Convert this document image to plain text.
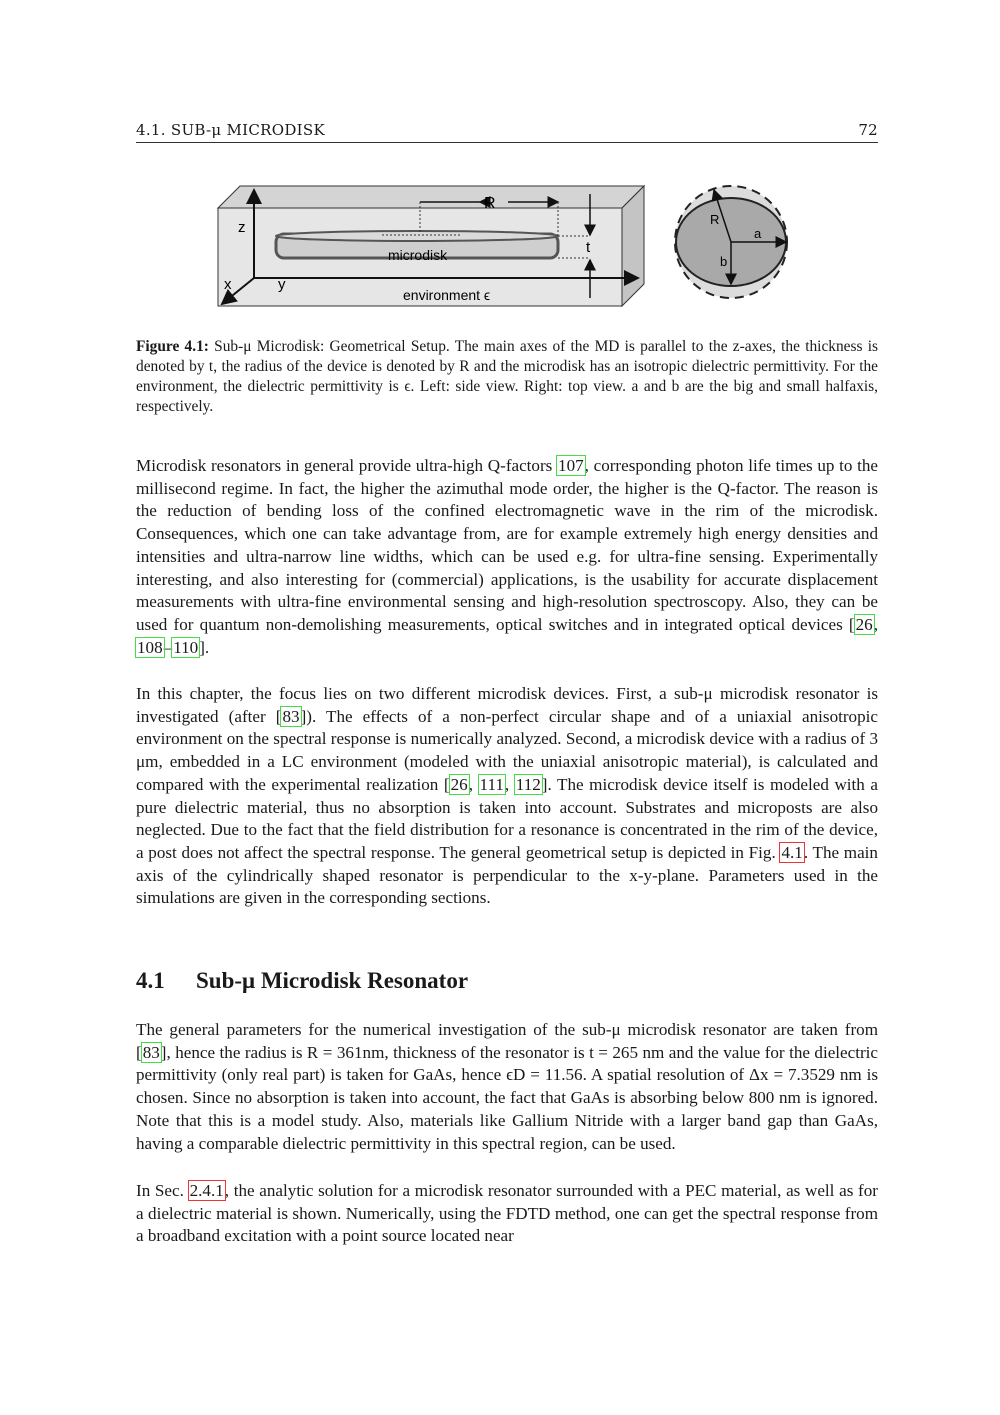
4.1. SUB-μ MICRODISK	72
R
t
z
x	y
microdisk
environment ϵ
R
a
b
Figure 4.1: Sub-μ Microdisk: Geometrical Setup. The main axes of the MD is parallel to the z-axes, the thickness is denoted by t, the radius of the device is denoted by R and the microdisk has an isotropic dielectric permittivity. For the environment, the dielectric permittivity is ϵ. Left: side view. Right: top view. a and b are the big and small halfaxis, respectively.

Microdisk resonators in general provide ultra-high Q-factors 107, corresponding photon life times up to the millisecond regime. In fact, the higher the azimuthal mode order, the higher is the Q-factor. The reason is the reduction of bending loss of the confined electromagnetic wave in the rim of the microdisk. Consequences, which one can take advantage from, are for example extremely high energy densities and intensities and ultra-narrow line widths, which can be used e.g. for ultra-fine sensing. Experimentally interesting, and also interesting for (commercial) applications, is the usability for accurate displacement measurements with ultra-fine environmental sensing and high-resolution spectroscopy. Also, they can be used for quantum non-demolishing measurements, optical switches and in integrated optical devices [26, 108–110].

In this chapter, the focus lies on two different microdisk devices. First, a sub-μ microdisk resonator is investigated (after [83]). The effects of a non-perfect circular shape and of a uniaxial anisotropic environment on the spectral response is numerically analyzed. Second, a microdisk device with a radius of 3 μm, embedded in a LC environment (modeled with the uniaxial anisotropic material), is calculated and compared with the experimental realization [26, 111, 112]. The microdisk device itself is modeled with a pure dielectric material, thus no absorption is taken into account. Substrates and microposts are also neglected. Due to the fact that the field distribution for a resonance is concentrated in the rim of the device, a post does not affect the spectral response. The general geometrical setup is depicted in Fig. 4.1. The main axis of the cylindrically shaped resonator is perpendicular to the x-y-plane. Parameters used in the simulations are given in the corresponding sections.

4.1 Sub-μ Microdisk Resonator

The general parameters for the numerical investigation of the sub-μ microdisk resonator are taken from [83], hence the radius is R = 361nm, thickness of the resonator is t = 265 nm and the value for the dielectric permittivity (only real part) is taken for GaAs, hence ϵD = 11.56. A spatial resolution of Δx = 7.3529 nm is chosen. Since no absorption is taken into account, the fact that GaAs is absorbing below 800 nm is ignored. Note that this is a model study. Also, materials like Gallium Nitride with a larger band gap than GaAs, having a comparable dielectric permittivity in this spectral region, can be used.

In Sec. 2.4.1, the analytic solution for a microdisk resonator surrounded with a PEC material, as well as for a dielectric material is shown. Numerically, using the FDTD method, one can get the spectral response from a broadband excitation with a point source located near
